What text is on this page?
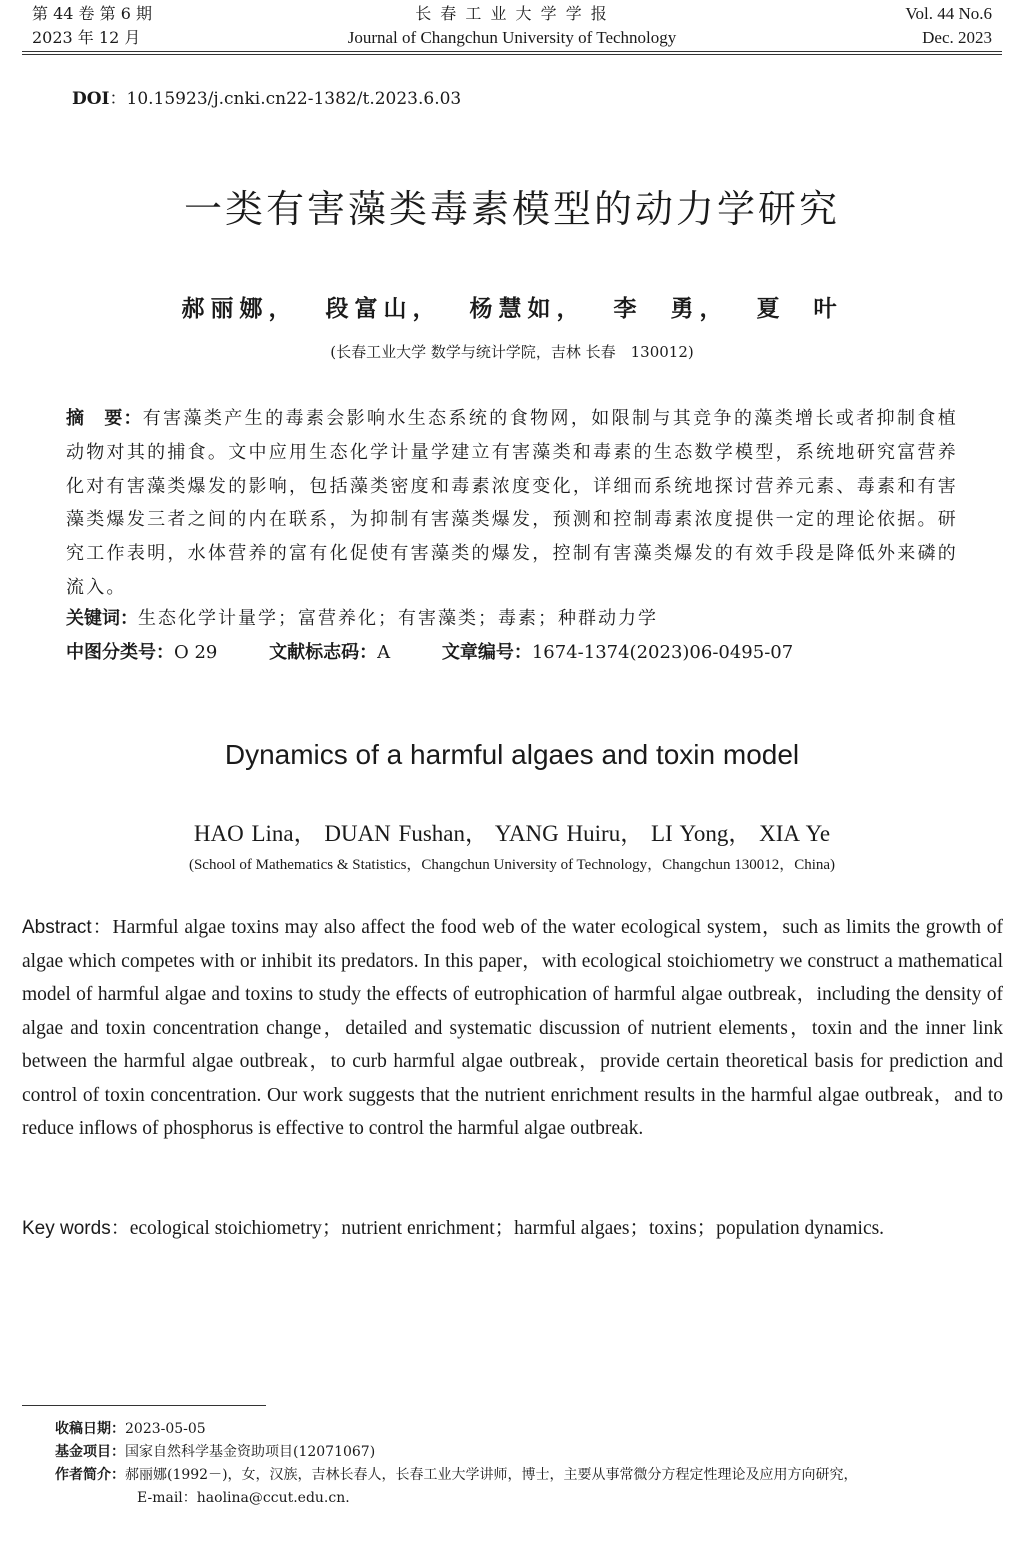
第 44 卷 第 6 期
2023 年 12 月
长 春 工 业 大 学 学 报
Journal of Changchun University of Technology
Vol. 44 No.6
Dec. 2023
DOI：10.15923/j.cnki.cn22-1382/t.2023.6.03
一类有害藻类毒素模型的动力学研究
郝丽娜， 段富山， 杨慧如， 李 勇， 夏 叶
(长春工业大学 数学与统计学院，吉林 长春　130012)
摘　要：有害藻类产生的毒素会影响水生态系统的食物网，如限制与其竞争的藻类增长或者抑制食植动物对其的捕食。文中应用生态化学计量学建立有害藻类和毒素的生态数学模型，系统地研究富营养化对有害藻类爆发的影响，包括藻类密度和毒素浓度变化，详细而系统地探讨营养元素、毒素和有害藻类爆发三者之间的内在联系，为抑制有害藻类爆发，预测和控制毒素浓度提供一定的理论依据。研究工作表明，水体营养的富有化促使有害藻类的爆发，控制有害藻类爆发的有效手段是降低外来磷的流入。
关键词：生态化学计量学；富营养化；有害藻类；毒素；种群动力学
中图分类号：O 29	文献标志码：A	文章编号：1674-1374(2023)06-0495-07
Dynamics of a harmful algaes and toxin model
HAO Lina， DUAN Fushan， YANG Huiru， LI Yong， XIA Ye
(School of Mathematics & Statistics，Changchun University of Technology，Changchun 130012，China)
Abstract：Harmful algae toxins may also affect the food web of the water ecological system，such as limits the growth of algae which competes with or inhibit its predators. In this paper，with ecological stoichiometry we construct a mathematical model of harmful algae and toxins to study the effects of eutrophication of harmful algae outbreak，including the density of algae and toxin concentration change，detailed and systematic discussion of nutrient elements，toxin and the inner link between the harmful algae outbreak，to curb harmful algae outbreak，provide certain theoretical basis for prediction and control of toxin concentration. Our work suggests that the nutrient enrichment results in the harmful algae outbreak，and to reduce inflows of phosphorus is effective to control the harmful algae outbreak.
Key words：ecological stoichiometry；nutrient enrichment；harmful algaes；toxins；population dynamics.
收稿日期： 2023-05-05
基金项目： 国家自然科学基金资助项目(12071067)
作者简介： 郝丽娜(1992－)，女，汉族，吉林长春人，长春工业大学讲师，博士，主要从事常微分方程定性理论及应用方向研究，
E-mail：haolina@ccut.edu.cn.
